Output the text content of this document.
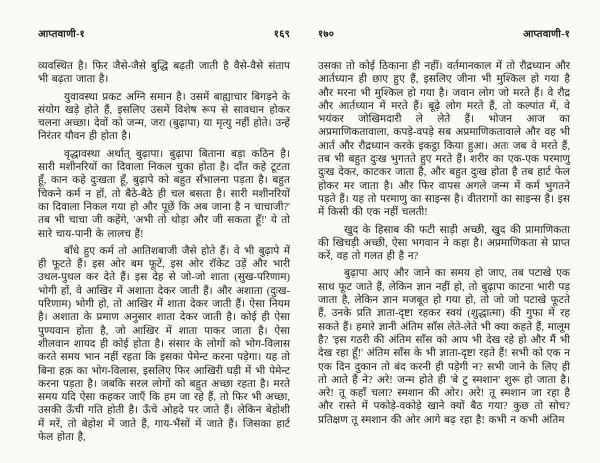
आप्तवाणी-१	१६९

व्यवस्थित है। फिर जैसे-जैसे बुद्धि बढ़ती जाती है वैसे-वैसे संताप भी बढ़ता जाता है।

युवावस्था प्रकट अग्नि समान है। उसमें बाह्याचार बिगड़ने के संयोग खड़े होते हैं, इसलिए उसमें विशेष रूप से सावधान होकर चलना अच्छा। देवों को जन्म, जरा (बुढ़ापा) या मृत्यु नहीं होते। उन्हें निरंतर यौवन ही होता है।

वृद्धावस्था अर्थात् बुढ़ापा। बुढ़ापा बिताना बड़ा कठिन है। सारी मशीनरियों का दिवाला निकल चुका होता है। दाँत कहे टूटता हूँ, कान कहे दुःखता हूँ, बुढ़ापे को बहुत सँभालना पड़ता है। बहुत चिकने कर्म न हों, तो बैठे-बैठे ही चल बसता है। सारी मशीनरियों का दिवाला निकल गया हो और पूछें कि अब जाना है न चाचाजी?' तब भी चाचा जी कहेंगे, 'अभी तो थोड़ा और जी सकता हूँ!' ये तो सारे चाय-पानी के लालच हैं!

बाँधे हुए कर्म तो आतिशबाजी जैसे होते हैं। वे भी बुढ़ापे में ही फूटते हैं। इस ओर बम फूटें, इस ओर रॉकेट उड़ें और भारी उथल-पुथल कर देते हैं। इस देह से जो-जो शाता (सुख-परिणाम) भोगी हों, वे आखिर में अशाता देकर जाती हैं। और अशाता (दुःख-परिणाम) भोगी हो, तो आखिर में शाता देकर जाती हैं। ऐसा नियम है। अशाता के प्रमाण अनुसार शाता देकर जाती है। कोई ही ऐसा पुण्यवान होता है, जो आखिर में शाता पाकर जाता है। ऐसा शीलवान शायद ही कोई होता है। संसार के लोगों को भोग-विलास करते समय भान नहीं रहता कि इसका पेमेन्ट करना पड़ेगा। यह तो बिना हक़ का भोग-विलास, इसलिए फिर आखिरी घड़ी में भी पेमेन्ट करना पड़ता है। जबकि सरल लोगों को बहुत अच्छा रहता है। मरते समय यदि ऐसा कहकर जाएँ कि हम जा रहे हैं, तो फिर भी अच्छा, उसकी ऊँची गति होती है। ऊँचे ओहदे पर जाते हैं। लेकिन बेहोशी में मरें, तो बेहोश में जाते हैं, गाय-भैंसों में जाते हैं। जिसका हार्ट फेल होता है,

१७०	आप्तवाणी-१

उसका तो कोई ठिकाना ही नहीं। वर्तमानकाल में तो रौद्रध्यान और आर्तध्यान ही छाए हुए हैं, इसलिए जीना भी मुश्किल हो गया है और मरना भी मुश्किल हो गया है। जवान लोग जो मरते हैं। वे रौद्र और आर्तध्यान में मरते हैं। बूढ़े लोग मरते हैं, तो कल्पांत में, वे भयंकर जोखिमदारी ले लेते हैं। भोजन आज का अप्रमाणिकतावाला, कपड़े-वपड़े सब अप्रमाणिकतावाले और वह भी आर्त और रौद्रध्यान करके इकट्ठा किया हुआ। अतः जब वे मरते हैं, तब भी बहुत दुःख भुगतते हुए मरते हैं। शरीर का एक-एक परमाणु दुःख देकर, काटकर जाता है, और बहुत दुःख होता है तब हार्ट फेल होकर मर जाता है। और फिर वापस अगले जन्म में कर्म भुगतने पड़ते हैं। यह तो परमाणु का साइन्स है। वीतरागों का साइन्स है। इस में किसी की एक नहीं चलती!

खुद के हिसाब की फटी साड़ी अच्छी, खुद की प्रामाणिकता की खिचड़ी अच्छी, ऐसा भगवान ने कहा है। अप्रमाणिकता से प्राप्त करें, वह तो गलत ही है न?

बुढ़ापा आए और जाने का समय हो जाए, तब पटाखे एक साथ फूट जाते हैं, लेकिन ज्ञान नहीं हो, तो बुढ़ापा काटना भारी पड़ जाता है, लेकिन ज्ञान मजबूत हो गया हो, तो जो जो पटाखे फूटते हैं, उनके प्रति ज्ञाता-दृष्टा रहकर स्वयं (शुद्धात्मा) की गुफा में रह सकते हैं। हमारे ज्ञानी अंतिम साँस लेते-लेते भी क्या कहते हैं, मालूम है? 'इस गठरी की अंतिम साँस को आप भी देख रहे हो और मैं भी देख रहा हूँ!' अंतिम साँस के भी ज्ञाता-दृष्टा रहते हैं! सभी को एक न एक दिन दुकान तो बंद करनी ही पड़ेगी न? सभी जाने के लिए ही तो आते हैं ने? अरे! जन्म होते ही 'बे टु स्मशान' शुरू हो जाता है। अरे! तू कहाँ चला? स्मशान की ओर। अरे! तू स्मशान जा रहा है और रास्ते में पकोड़े-वकोड़े खाने क्यों बैठ गया? कुछ तो सोच? प्रतिक्षण तू स्मशान की ओर आगे बढ़ रहा है! कभी न कभी अंतिम
